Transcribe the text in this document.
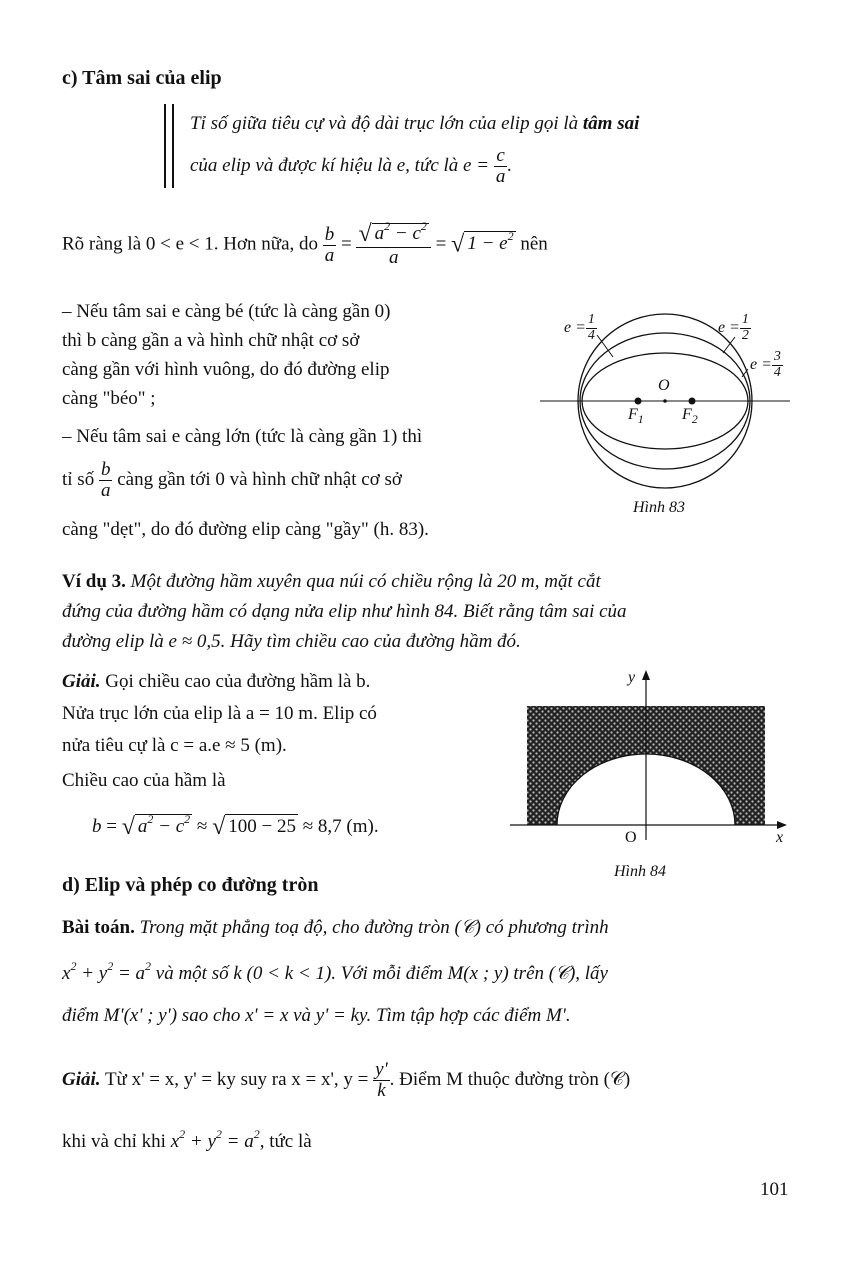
c) Tâm sai của elip
Tỉ số giữa tiêu cự và độ dài trục lớn của elip gọi là tâm sai
của elip và được kí hiệu là e, tức là $e = \frac{c}{a}$ .
Rõ ràng là 0 < e < 1. Hơn nữa, do $\frac{b}{a} = \frac{√ a^2 - c^2}{a}$ = √ $1 - e^2$ nên
– Nếu tâm sai e càng bé (tức là càng gần 0)
thì b càng gần a và hình chữ nhật cơ sở
càng gần với hình vuông, do đó đường elip
càng "béo" ;
– Nếu tâm sai e càng lớn (tức là càng gần 1) thì
tỉ số $\frac{b}{a}$ càng gần tới 0 và hình chữ nhật cơ sở
càng "dẹt", do đó đường elip càng "gầy" (h. 83).
$e = \frac{1}{4}$	$e = \frac{1}{2}$
$e = \frac{3}{4}$
O
$F_1$ $F_2$
Hình 83
Ví dụ 3. Một đường hầm xuyên qua núi có chiều rộng là 20 m, mặt cắt
đứng của đường hầm có dạng nửa elip như hình 84. Biết rằng tâm sai của
đường elip là e ≈ 0,5. Hãy tìm chiều cao của đường hầm đó.
Giải. Gọi chiều cao của đường hầm là b.
Nửa trục lớn của elip là a = 10 m. Elip có
nửa tiêu cự là c = a.e ≈ 5 (m).
Chiều cao của hầm là
b = √ $a^2 - c^2$ ≈ √ 100 − 25 ≈ 8,7 (m).
y
x
O
Hình 84
d) Elip và phép co đường tròn
Bài toán. Trong mặt phẳng toạ độ, cho đường tròn (𝒞) có phương trình
$x^2 + y^2 = a^2$ và một số k (0 < k < 1). Với mỗi điểm M(x ; y) trên (𝒞), lấy
điểm M'(x' ; y') sao cho x' = x và y' = ky. Tìm tập hợp các điểm M'.
Giải. Từ x' = x, y' = ky suy ra x = x', $y = \frac{y'}{k}$ . Điểm M thuộc đường tròn (𝒞)
khi và chỉ khi $x^2 + y^2 = a^2$, tức là
101
